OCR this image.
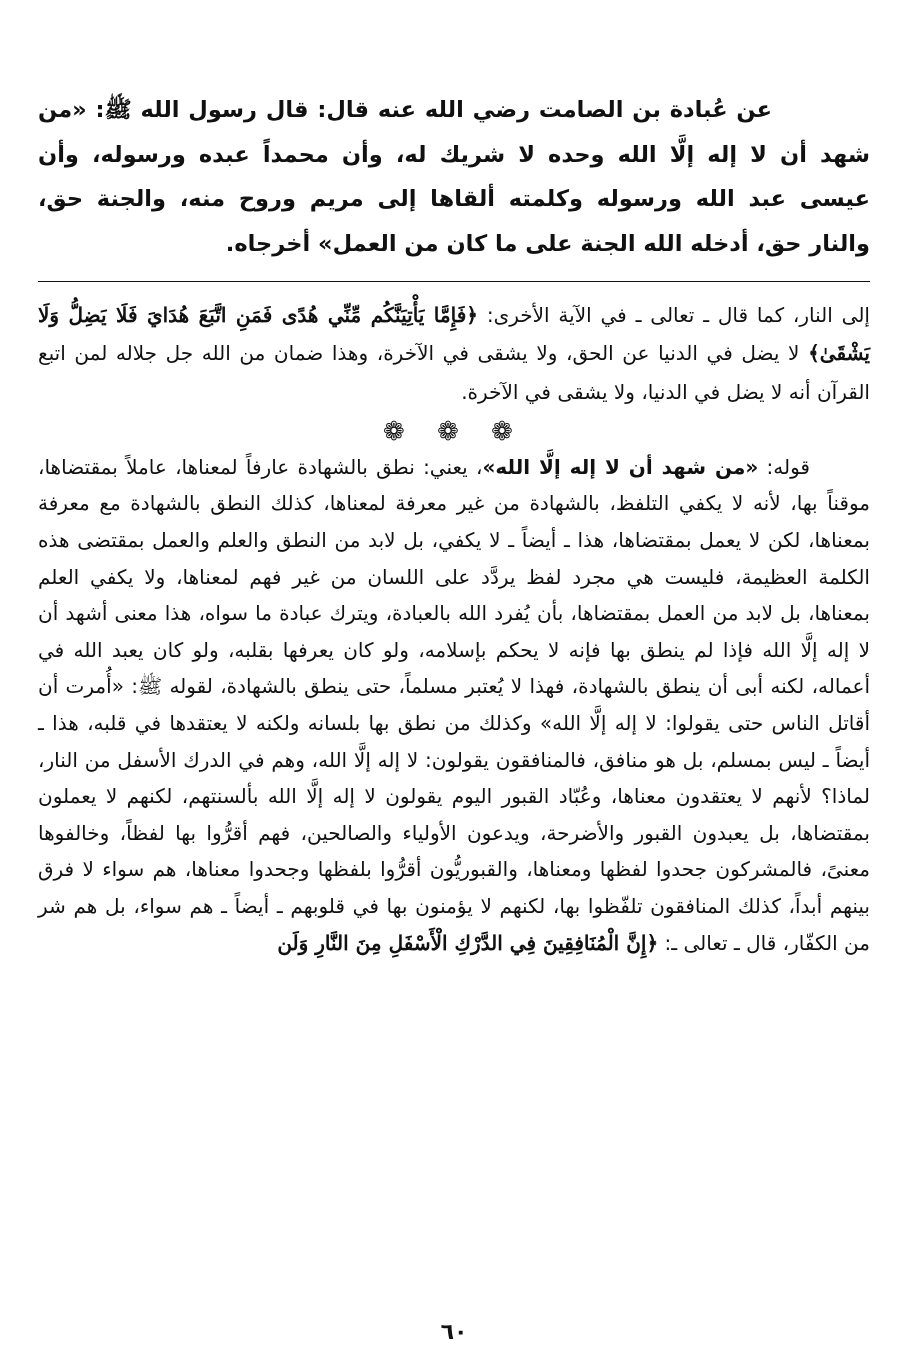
عن عُبادة بن الصامت رضي الله عنه قال: قال رسول الله ﷺ: «من شهد أن لا إله إلَّا الله وحده لا شريك له، وأن محمداً عبده ورسوله، وأن عيسى عبد الله ورسوله وكلمته ألقاها إلى مريم وروح منه، والجنة حق، والنار حق، أدخله الله الجنة على ما كان من العمل» أخرجاه.

إلى النار، كما قال ـ تعالى ـ في الآية الأخرى: ﴿فَإِمَّا يَأْتِيَنَّكُم مِّنِّي هُدًى فَمَنِ اتَّبَعَ هُدَايَ فَلَا يَضِلُّ وَلَا يَشْقَىٰ﴾ لا يضل في الدنيا عن الحق، ولا يشقى في الآخرة، وهذا ضمان من الله جل جلاله لمن اتبع القرآن أنه لا يضل في الدنيا، ولا يشقى في الآخرة.

❁ ❁ ❁

قوله: «من شهد أن لا إله إلَّا الله»، يعني: نطق بالشهادة عارفاً لمعناها، عاملاً بمقتضاها، موقناً بها، لأنه لا يكفي التلفظ، بالشهادة من غير معرفة لمعناها، كذلك النطق بالشهادة مع معرفة بمعناها، لكن لا يعمل بمقتضاها، هذا ـ أيضاً ـ لا يكفي، بل لابد من النطق والعلم والعمل بمقتضى هذه الكلمة العظيمة، فليست هي مجرد لفظ يردَّد على اللسان من غير فهم لمعناها، ولا يكفي العلم بمعناها، بل لابد من العمل بمقتضاها، بأن يُفرد الله بالعبادة، ويترك عبادة ما سواه، هذا معنى أشهد أن لا إله إلَّا الله فإذا لم ينطق بها فإنه لا يحكم بإسلامه، ولو كان يعرفها بقلبه، ولو كان يعبد الله في أعماله، لكنه أبى أن ينطق بالشهادة، فهذا لا يُعتبر مسلماً، حتى ينطق بالشهادة، لقوله ﷺ: «أُمرت أن أقاتل الناس حتى يقولوا: لا إله إلَّا الله» وكذلك من نطق بها بلسانه ولكنه لا يعتقدها في قلبه، هذا ـ أيضاً ـ ليس بمسلم، بل هو منافق، فالمنافقون يقولون: لا إله إلَّا الله، وهم في الدرك الأسفل من النار، لماذا؟ لأنهم لا يعتقدون معناها، وعُبّاد القبور اليوم يقولون لا إله إلَّا الله بألسنتهم، لكنهم لا يعملون بمقتضاها، بل يعبدون القبور والأضرحة، ويدعون الأولياء والصالحين، فهم أقرُّوا بها لفظاً، وخالفوها معنىً، فالمشركون جحدوا لفظها ومعناها، والقبوريُّون أقرُّوا بلفظها وجحدوا معناها، هم سواء لا فرق بينهم أبداً، كذلك المنافقون تلفّظوا بها، لكنهم لا يؤمنون بها في قلوبهم ـ أيضاً ـ هم سواء، بل هم شر من الكفّار، قال ـ تعالى ـ: ﴿إِنَّ الْمُنَافِقِينَ فِي الدَّرْكِ الْأَسْفَلِ مِنَ النَّارِ وَلَن

٦٠
